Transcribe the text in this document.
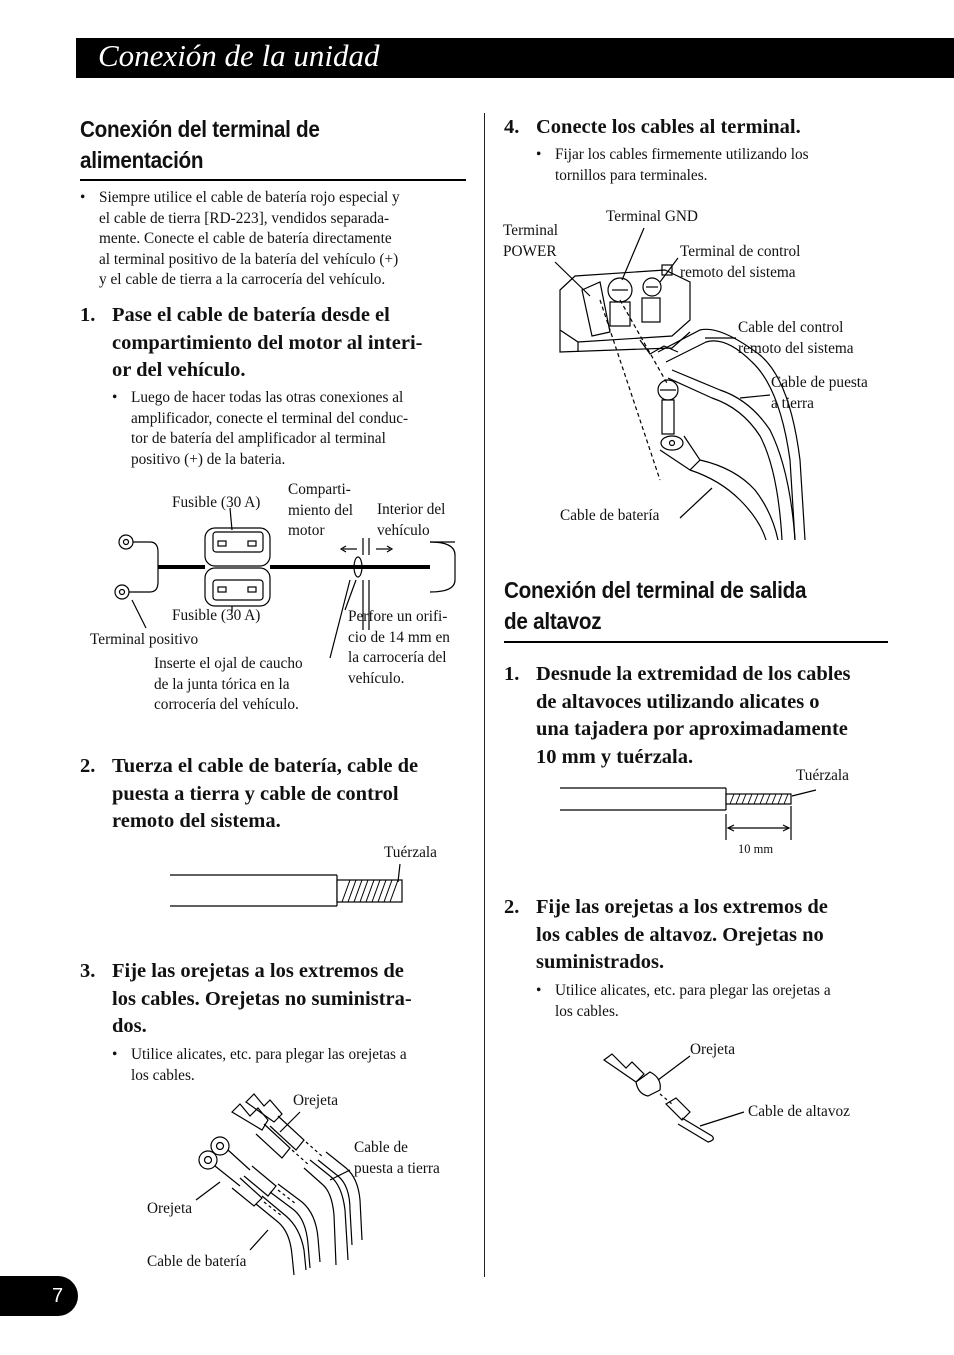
Conexión de la unidad
Conexión del terminal de
alimentación
• Siempre utilice el cable de batería rojo especial y
el cable de tierra [RD-223], vendidos separada-
mente. Conecte el cable de batería directamente
al terminal positivo de la batería del vehículo (+)
y el cable de tierra a la carrocería del vehículo.
1. Pase el cable de batería desde el
compartimiento del motor al interi-
or del vehículo.
• Luego de hacer todas las otras conexiones al
amplificador, conecte el terminal del conduc-
tor de batería del amplificador al terminal
positivo (+) de la bateria.
Fusible (30 A)
Comparti-
miento del
motor
Interior del
vehículo
Fusible (30 A)
Terminal positivo
Perfore un orifi-
cio de 14 mm en
la carrocería del
vehículo.
Inserte el ojal de caucho
de la junta tórica en la
corrocería del vehículo.
2. Tuerza el cable de batería, cable de
puesta a tierra y cable de control
remoto del sistema.
Tuérzala
3. Fije las orejetas a los extremos de
los cables. Orejetas no suministra-
dos.
• Utilice alicates, etc. para plegar las orejetas a
los cables.
Orejeta
Cable de
puesta a tierra
Orejeta
Cable de batería
4. Conecte los cables al terminal.
• Fijar los cables firmemente utilizando los
tornillos para terminales.
Terminal GND
Terminal
POWER	Terminal de control
remoto del sistema
Cable del control
remoto del sistema
Cable de puesta
a tierra
Cable de batería
Conexión del terminal de salida
de altavoz
1. Desnude la extremidad de los cables
de altavoces utilizando alicates o
una tajadera por aproximadamente
10 mm y tuérzala.
Tuérzala
10 mm
2. Fije las orejetas a los extremos de
los cables de altavoz. Orejetas no
suministrados.
• Utilice alicates, etc. para plegar las orejetas a
los cables.
Orejeta
Cable de altavoz
7
